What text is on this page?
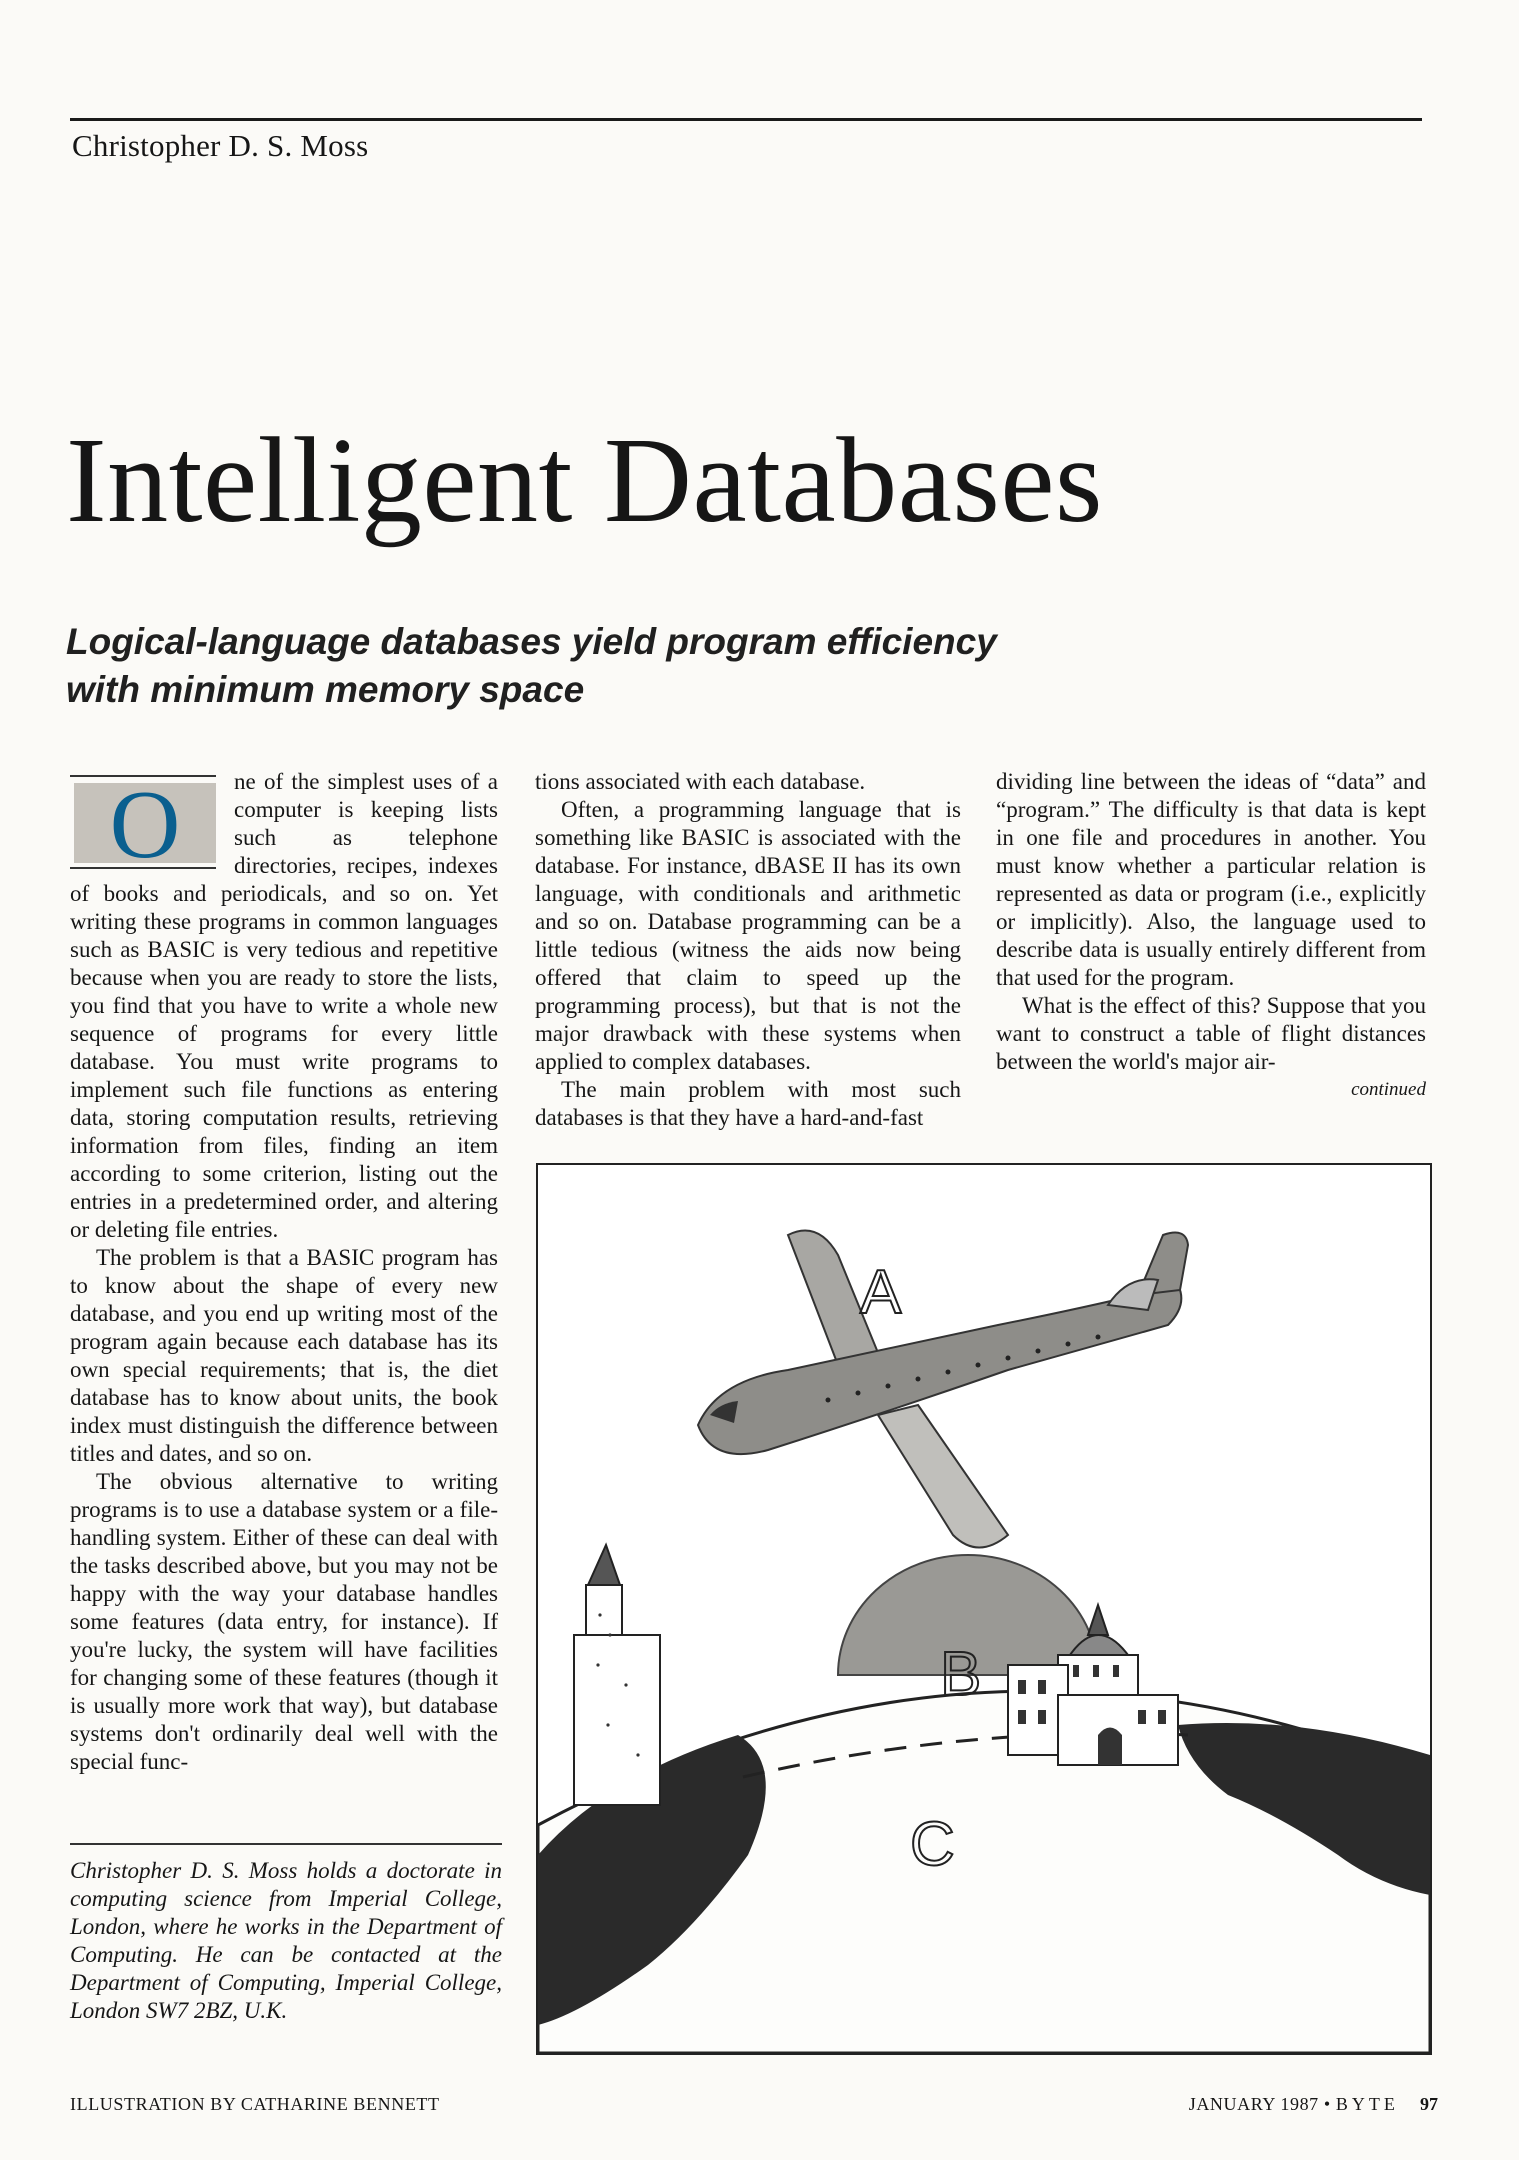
Christopher D. S. Moss
Intelligent Databases
Logical-language databases yield program efficiency
with minimum memory space
O	ne of the simplest uses of a computer is keeping lists such as telephone directories, recipes, indexes of books and periodicals, and so on. Yet writing these programs in common languages such as BASIC is very tedious and repetitive because when you are ready to store the lists, you find that you have to write a whole new sequence of programs for every little database. You must write programs to implement such file functions as entering data, storing computation results, retrieving information from files, finding an item according to some criterion, listing out the entries in a predetermined order, and altering or deleting file entries.

The problem is that a BASIC program has to know about the shape of every new database, and you end up writing most of the program again because each database has its own special requirements; that is, the diet database has to know about units, the book index must distinguish the difference between titles and dates, and so on.

The obvious alternative to writing programs is to use a database system or a file-handling system. Either of these can deal with the tasks described above, but you may not be happy with the way your database handles some features (data entry, for instance). If you're lucky, the system will have facilities for changing some of these features (though it is usually more work that way), but database systems don't ordinarily deal well with the special func-

tions associated with each database.

Often, a programming language that is something like BASIC is associated with the database. For instance, dBASE II has its own language, with conditionals and arithmetic and so on. Database programming can be a little tedious (witness the aids now being offered that claim to speed up the programming process), but that is not the major drawback with these systems when applied to complex databases.

The main problem with most such databases is that they have a hard-and-fast

dividing line between the ideas of “data” and “program.” The difficulty is that data is kept in one file and procedures in another. You must know whether a particular relation is represented as data or program (i.e., explicitly or implicitly). Also, the language used to describe data is usually entirely different from that used for the program.

What is the effect of this? Suppose that you want to construct a table of flight distances between the world's major air-

continued

Christopher D. S. Moss holds a doctorate in computing science from Imperial College, London, where he works in the Department of Computing. He can be contacted at the Department of Computing, Imperial College, London SW7 2BZ, U.K.

A
B
C
ILLUSTRATION BY CATHARINE BENNETT	JANUARY 1987 • BYTE 97
